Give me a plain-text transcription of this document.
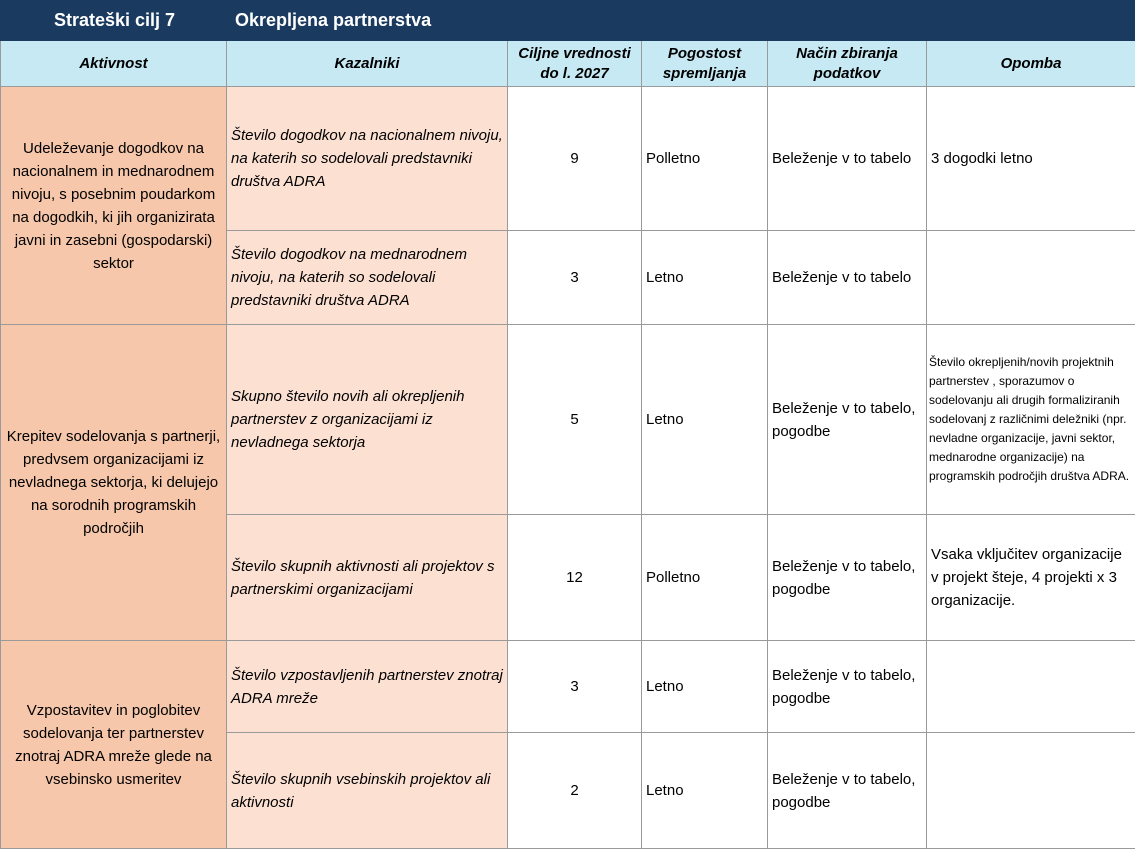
Strateški cilj 7	Okrepljena partnerstva				
Aktivnost	Kazalniki	Ciljne vrednosti do l. 2027	Pogostost spremljanja	Način zbiranja podatkov	Opomba
Udeleževanje dogodkov na nacionalnem in mednarodnem nivoju, s posebnim poudarkom na dogodkih, ki jih organizirata javni in zasebni (gospodarski) sektor	Število dogodkov na nacionalnem nivoju, na katerih so sodelovali predstavniki društva ADRA	9	Polletno	Beleženje v to tabelo	3 dogodki letno
	Število dogodkov na mednarodnem nivoju, na katerih so sodelovali predstavniki društva ADRA	3	Letno	Beleženje v to tabelo	
Krepitev sodelovanja s partnerji, predvsem organizacijami iz nevladnega sektorja, ki delujejo na sorodnih programskih področjih	Skupno število novih ali okrepljenih partnerstev z organizacijami iz nevladnega sektorja	5	Letno	Beleženje v to tabelo, pogodbe	Število okrepljenih/novih projektnih partnerstev , sporazumov o sodelovanju ali drugih formaliziranih sodelovanj z različnimi deležniki (npr. nevladne organizacije, javni sektor, mednarodne organizacije) na programskih področjih društva ADRA.
	Število skupnih aktivnosti ali projektov s partnerskimi organizacijami	12	Polletno	Beleženje v to tabelo, pogodbe	Vsaka vključitev organizacije v projekt šteje, 4 projekti x 3 organizacije.
Vzpostavitev in poglobitev sodelovanja ter partnerstev znotraj ADRA mreže glede na vsebinsko usmeritev	Število vzpostavljenih partnerstev znotraj ADRA mreže	3	Letno	Beleženje v to tabelo, pogodbe	
	Število skupnih vsebinskih projektov ali aktivnosti	2	Letno	Beleženje v to tabelo, pogodbe	
